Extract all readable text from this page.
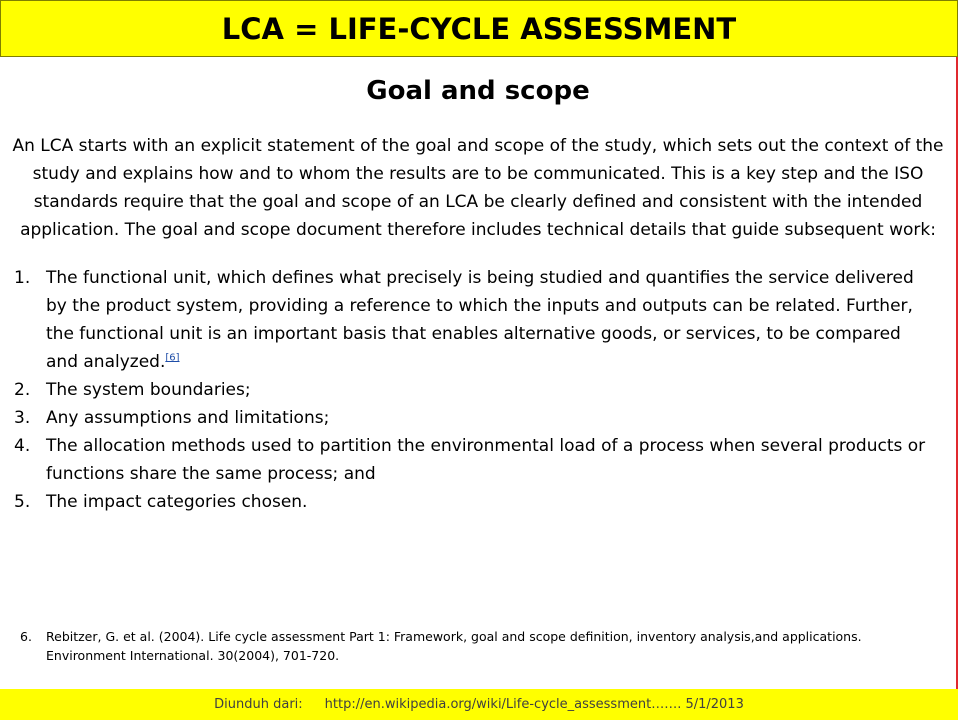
LCA = LIFE-CYCLE ASSESSMENT
Goal and scope

An LCA starts with an explicit statement of the goal and scope of the study, which sets out the context of the study and explains how and to whom the results are to be communicated. This is a key step and the ISO standards require that the goal and scope of an LCA be clearly defined and consistent with the intended application. The goal and scope document therefore includes technical details that guide subsequent work:

1. The functional unit, which defines what precisely is being studied and quantifies the service delivered by the product system, providing a reference to which the inputs and outputs can be related. Further, the functional unit is an important basis that enables alternative goods, or services, to be compared and analyzed.[6]
2. The system boundaries;
3. Any assumptions and limitations;
4. The allocation methods used to partition the environmental load of a process when several products or functions share the same process; and
5. The impact categories chosen.
6.	Rebitzer, G. et al. (2004). Life cycle assessment Part 1: Framework, goal and scope definition, inventory analysis,and applications. Environment International. 30(2004), 701-720.
Diunduh dari: http://en.wikipedia.org/wiki/Life-cycle_assessment……. 5/1/2013
